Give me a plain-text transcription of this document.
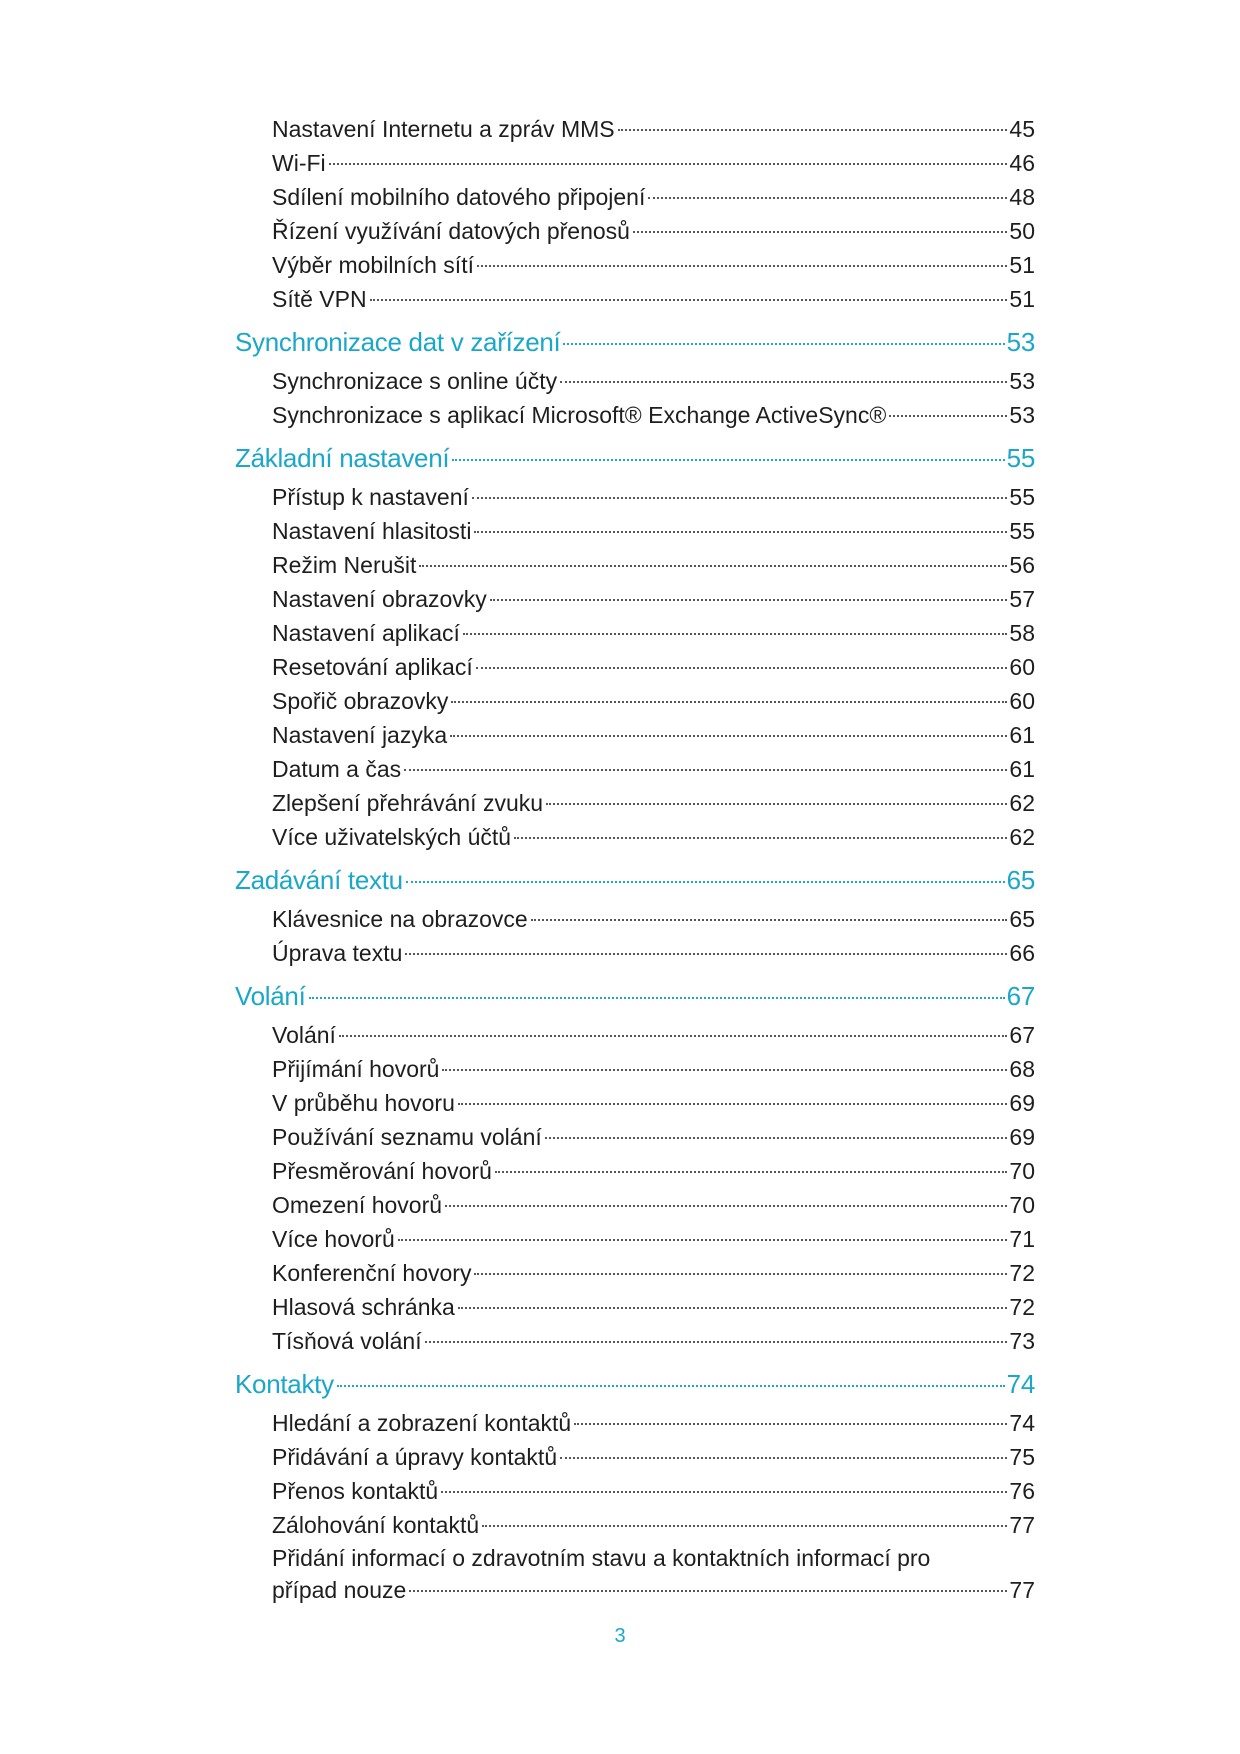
Nastavení Internetu a zpráv MMS	45
Wi-Fi	46
Sdílení mobilního datového připojení	48
Řízení využívání datových přenosů	50
Výběr mobilních sítí	51
Sítě VPN	51
Synchronizace dat v zařízení	53
Synchronizace s online účty	53
Synchronizace s aplikací Microsoft® Exchange ActiveSync®	53
Základní nastavení	55
Přístup k nastavení	55
Nastavení hlasitosti	55
Režim Nerušit	56
Nastavení obrazovky	57
Nastavení aplikací	58
Resetování aplikací	60
Spořič obrazovky	60
Nastavení jazyka	61
Datum a čas	61
Zlepšení přehrávání zvuku	62
Více uživatelských účtů	62
Zadávání textu	65
Klávesnice na obrazovce	65
Úprava textu	66
Volání	67
Volání	67
Přijímání hovorů	68
V průběhu hovoru	69
Používání seznamu volání	69
Přesměrování hovorů	70
Omezení hovorů	70
Více hovorů	71
Konferenční hovory	72
Hlasová schránka	72
Tísňová volání	73
Kontakty	74
Hledání a zobrazení kontaktů	74
Přidávání a úpravy kontaktů	75
Přenos kontaktů	76
Zálohování kontaktů	77
Přidání informací o zdravotním stavu a kontaktních informací pro
případ nouze	77
3
